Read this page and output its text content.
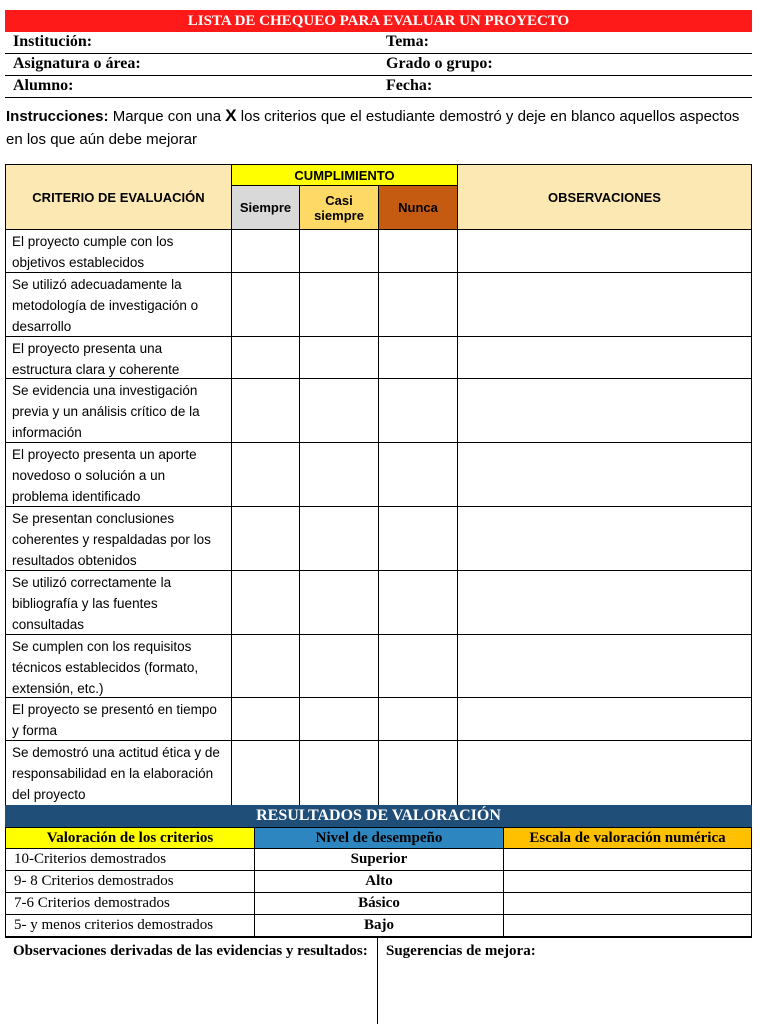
LISTA DE CHEQUEO PARA EVALUAR UN PROYECTO
Institución:	Tema:
Asignatura o área:	Grado o grupo:
Alumno:	Fecha:
Instrucciones: Marque con una X los criterios que el estudiante demostró y deje en blanco aquellos aspectos en los que aún debe mejorar
CRITERIO DE EVALUACIÓN
CUMPLIMIENTO
Siempre	Casi siempre	Nunca
OBSERVACIONES
El proyecto cumple con los objetivos establecidos
Se utilizó adecuadamente la metodología de investigación o desarrollo
El proyecto presenta una estructura clara y coherente
Se evidencia una investigación previa y un análisis crítico de la información
El proyecto presenta un aporte novedoso o solución a un problema identificado
Se presentan conclusiones coherentes y respaldadas por los resultados obtenidos
Se utilizó correctamente la bibliografía y las fuentes consultadas
Se cumplen con los requisitos técnicos establecidos (formato, extensión, etc.)
El proyecto se presentó en tiempo y forma
Se demostró una actitud ética y de responsabilidad en la elaboración del proyecto
RESULTADOS DE VALORACIÓN
Valoración de los criterios	Nivel de desempeño	Escala de valoración numérica
10-Criterios demostrados	Superior
9- 8 Criterios demostrados	Alto
7-6 Criterios demostrados	Básico
5- y menos criterios demostrados	Bajo
Observaciones derivadas de las evidencias y resultados: Sugerencias de mejora:
